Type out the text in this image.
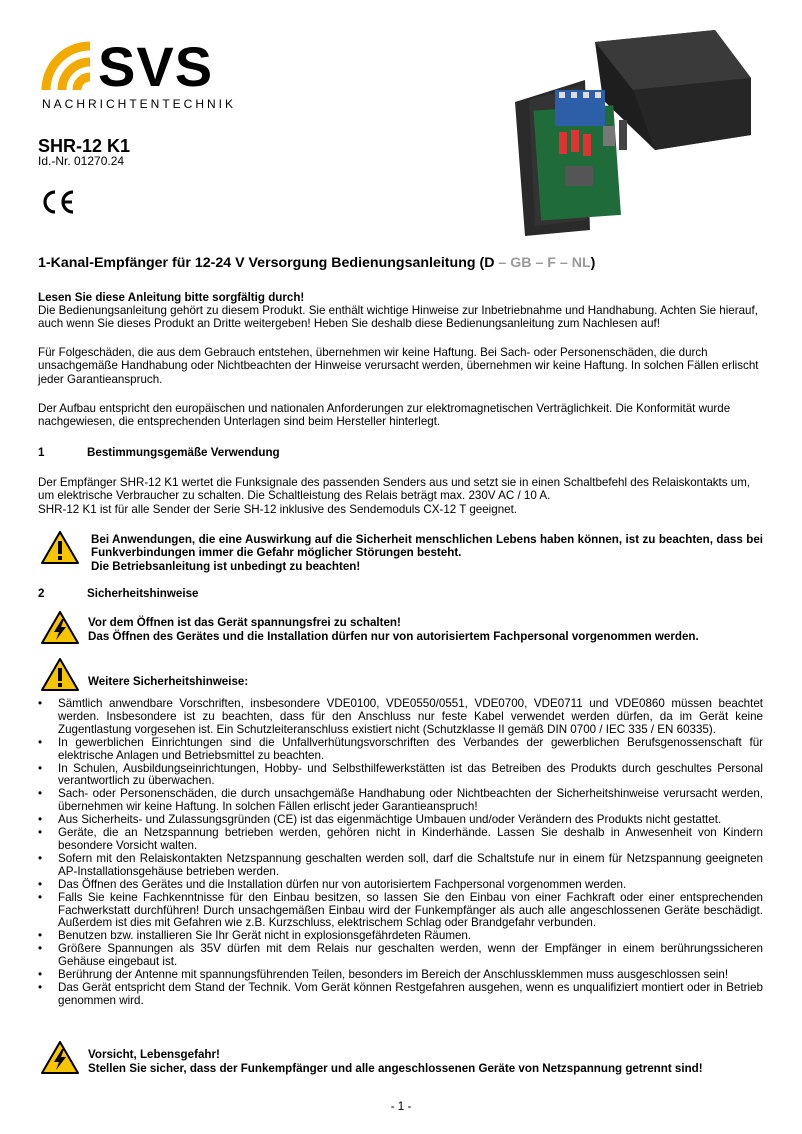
SVS
NACHRICHTENTECHNIK
SHR-12 K1
Id.-Nr. 01270.24
1-Kanal-Empfänger für 12-24 V Versorgung Bedienungsanleitung (D – GB – F – NL)
Lesen Sie diese Anleitung bitte sorgfältig durch!
Die Bedienungsanleitung gehört zu diesem Produkt. Sie enthält wichtige Hinweise zur Inbetriebnahme und Handhabung. Achten Sie hierauf, auch wenn Sie dieses Produkt an Dritte weitergeben! Heben Sie deshalb diese Bedienungsanleitung zum Nachlesen auf!
Für Folgeschäden, die aus dem Gebrauch entstehen, übernehmen wir keine Haftung. Bei Sach- oder Personenschäden, die durch unsachgemäße Handhabung oder Nichtbeachten der Hinweise verursacht werden, übernehmen wir keine Haftung. In solchen Fällen erlischt jeder Garantieanspruch.
Der Aufbau entspricht den europäischen und nationalen Anforderungen zur elektromagnetischen Verträglichkeit. Die Konformität wurde nachgewiesen, die entsprechenden Unterlagen sind beim Hersteller hinterlegt.
1	Bestimmungsgemäße Verwendung
Der Empfänger SHR-12 K1 wertet die Funksignale des passenden Senders aus und setzt sie in einen Schaltbefehl des Relaiskontakts um, um elektrische Verbraucher zu schalten. Die Schaltleistung des Relais beträgt max. 230V AC / 10 A.
SHR-12 K1 ist für alle Sender der Serie SH-12 inklusive des Sendemoduls CX-12 T geeignet.
Bei Anwendungen, die eine Auswirkung auf die Sicherheit menschlichen Lebens haben können, ist zu beachten, dass bei Funkverbindungen immer die Gefahr möglicher Störungen besteht.
Die Betriebsanleitung ist unbedingt zu beachten!
2	Sicherheitshinweise
Vor dem Öffnen ist das Gerät spannungsfrei zu schalten!
Das Öffnen des Gerätes und die Installation dürfen nur von autorisiertem Fachpersonal vorgenommen werden.
Weitere Sicherheitshinweise:
• Sämtlich anwendbare Vorschriften, insbesondere VDE0100, VDE0550/0551, VDE0700, VDE0711 und VDE0860 müssen beachtet werden. Insbesondere ist zu beachten, dass für den Anschluss nur feste Kabel verwendet werden dürfen, da im Gerät keine Zugentlastung vorgesehen ist. Ein Schutzleiteranschluss existiert nicht (Schutzklasse II gemäß DIN 0700 / IEC 335 / EN 60335).
• In gewerblichen Einrichtungen sind die Unfallverhütungsvorschriften des Verbandes der gewerblichen Berufsgenossenschaft für elektrische Anlagen und Betriebsmittel zu beachten.
• In Schulen, Ausbildungseinrichtungen, Hobby- und Selbsthilfewerkstätten ist das Betreiben des Produkts durch geschultes Personal verantwortlich zu überwachen.
• Sach- oder Personenschäden, die durch unsachgemäße Handhabung oder Nichtbeachten der Sicherheitshinweise verursacht werden, übernehmen wir keine Haftung. In solchen Fällen erlischt jeder Garantieanspruch!
• Aus Sicherheits- und Zulassungsgründen (CE) ist das eigenmächtige Umbauen und/oder Verändern des Produkts nicht gestattet.
• Geräte, die an Netzspannung betrieben werden, gehören nicht in Kinderhände. Lassen Sie deshalb in Anwesenheit von Kindern besondere Vorsicht walten.
• Sofern mit den Relaiskontakten Netzspannung geschalten werden soll, darf die Schaltstufe nur in einem für Netzspannung geeigneten AP-Installationsgehäuse betrieben werden.
• Das Öffnen des Gerätes und die Installation dürfen nur von autorisiertem Fachpersonal vorgenommen werden.
• Falls Sie keine Fachkenntnisse für den Einbau besitzen, so lassen Sie den Einbau von einer Fachkraft oder einer entsprechenden Fachwerkstatt durchführen! Durch unsachgemäßen Einbau wird der Funkempfänger als auch alle angeschlossenen Geräte beschädigt. Außerdem ist dies mit Gefahren wie z.B. Kurzschluss, elektrischem Schlag oder Brandgefahr verbunden.
• Benutzen bzw. installieren Sie Ihr Gerät nicht in explosionsgefährdeten Räumen.
• Größere Spannungen als 35V dürfen mit dem Relais nur geschalten werden, wenn der Empfänger in einem berührungssicheren Gehäuse eingebaut ist.
• Berührung der Antenne mit spannungsführenden Teilen, besonders im Bereich der Anschlussklemmen muss ausgeschlossen sein!
• Das Gerät entspricht dem Stand der Technik. Vom Gerät können Restgefahren ausgehen, wenn es unqualifiziert montiert oder in Betrieb genommen wird.
Vorsicht, Lebensgefahr!
Stellen Sie sicher, dass der Funkempfänger und alle angeschlossenen Geräte von Netzspannung getrennt sind!
- 1 -
